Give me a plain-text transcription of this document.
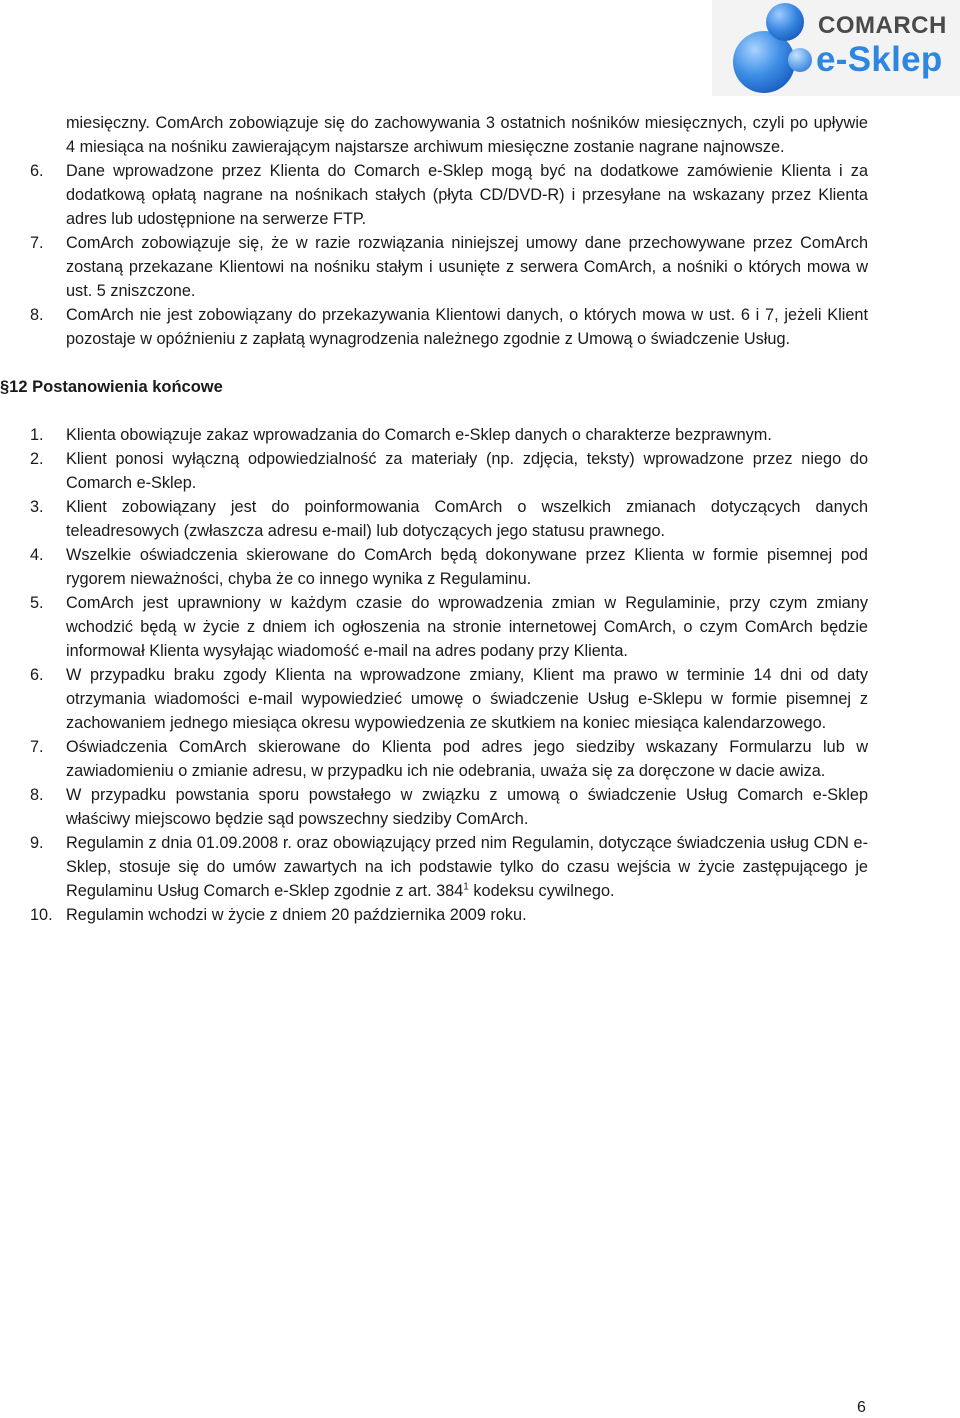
COMARCH
e-Sklep

miesięczny. ComArch zobowiązuje się do zachowywania 3 ostatnich nośników miesięcznych, czyli po upływie 4 miesiąca na nośniku zawierającym najstarsze archiwum miesięczne zostanie nagrane najnowsze.

6.	Dane wprowadzone przez Klienta do Comarch e-Sklep mogą być na dodatkowe zamówienie Klienta i za dodatkową opłatą nagrane na nośnikach stałych (płyta CD/DVD-R) i przesyłane na wskazany przez Klienta adres lub udostępnione na serwerze FTP.
7.	ComArch zobowiązuje się, że w razie rozwiązania niniejszej umowy dane przechowywane przez ComArch zostaną przekazane Klientowi na nośniku stałym i usunięte z serwera ComArch, a nośniki o których mowa w ust. 5 zniszczone.
8.	ComArch nie jest zobowiązany do przekazywania Klientowi danych, o których mowa w ust. 6 i 7, jeżeli Klient pozostaje w opóźnieniu z zapłatą wynagrodzenia należnego zgodnie z Umową o świadczenie Usług.
§12 Postanowienia końcowe
1.	Klienta obowiązuje zakaz wprowadzania do Comarch e-Sklep danych o charakterze bezprawnym.
2.	Klient ponosi wyłączną odpowiedzialność za materiały (np. zdjęcia, teksty) wprowadzone przez niego do Comarch e-Sklep.
3.	Klient zobowiązany jest do poinformowania ComArch o wszelkich zmianach dotyczących danych teleadresowych (zwłaszcza adresu e-mail) lub dotyczących jego statusu prawnego.
4.	Wszelkie oświadczenia skierowane do ComArch będą dokonywane przez Klienta w formie pisemnej pod rygorem nieważności, chyba że co innego wynika z Regulaminu.
5.	ComArch jest uprawniony w każdym czasie do wprowadzenia zmian w Regulaminie, przy czym zmiany wchodzić będą w życie z dniem ich ogłoszenia na stronie internetowej ComArch, o czym ComArch będzie informował Klienta wysyłając wiadomość e-mail na adres podany przy Klienta.
6.	W przypadku braku zgody Klienta na wprowadzone zmiany, Klient ma prawo w terminie 14 dni od daty otrzymania wiadomości e-mail wypowiedzieć umowę o świadczenie Usług e-Sklepu w formie pisemnej z zachowaniem jednego miesiąca okresu wypowiedzenia ze skutkiem na koniec miesiąca kalendarzowego.
7.	Oświadczenia ComArch skierowane do Klienta pod adres jego siedziby wskazany Formularzu lub w zawiadomieniu o zmianie adresu, w przypadku ich nie odebrania, uważa się za doręczone w dacie awiza.
8.	W przypadku powstania sporu powstałego w związku z umową o świadczenie Usług Comarch e-Sklep właściwy miejscowo będzie sąd powszechny siedziby ComArch.
9.	Regulamin z dnia 01.09.2008 r. oraz obowiązujący przed nim Regulamin, dotyczące świadczenia usług CDN e-Sklep, stosuje się do umów zawartych na ich podstawie tylko do czasu wejścia w życie zastępującego je Regulaminu Usług Comarch e-Sklep zgodnie z art. $384^1$ kodeksu cywilnego.
10. Regulamin wchodzi w życie z dniem 20 października 2009 roku.
6
